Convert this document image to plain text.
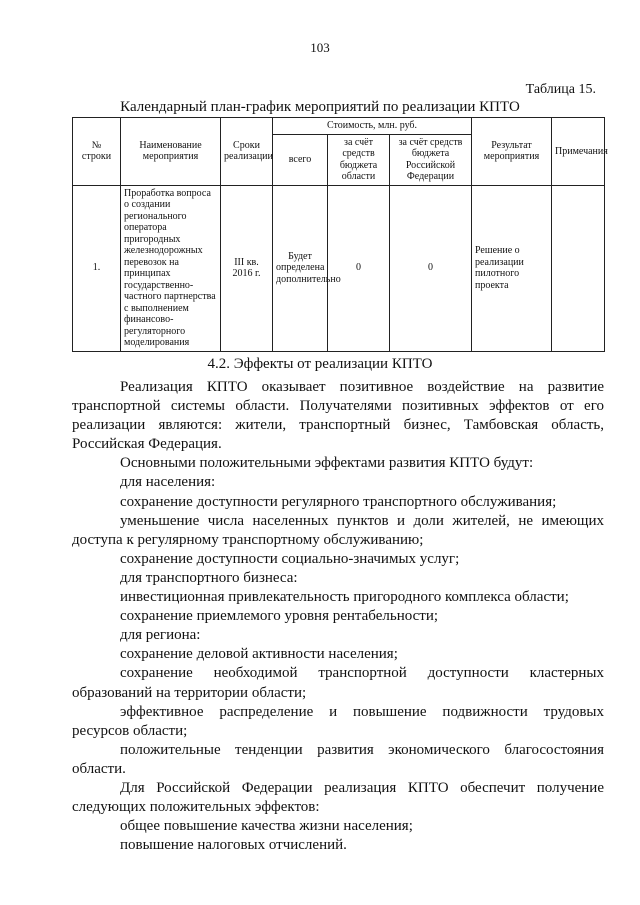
103
Таблица 15.
Календарный план-график мероприятий по реализации КПТО
№ строки	Наименование мероприятия	Сроки реализации	Стоимость, млн. руб.			Результат мероприятия	Примечания
			всего	за счёт средств бюджета области	за счёт средств бюджета Российской Федерации		
1.	Проработка вопроса о создании регионального оператора пригородных железнодорожных перевозок на принципах государственно-частного партнерства с выполнением финансово-регуляторного моделирования	III кв. 2016 г.	Будет определена дополнительно	0	0	Решение о реализации пилотного проекта	
4.2. Эффекты от реализации КПТО

Реализация КПТО оказывает позитивное воздействие на развитие транспортной системы области. Получателями позитивных эффектов от его реализации являются: жители, транспортный бизнес, Тамбовская область, Российская Федерация.

Основными положительными эффектами развития КПТО будут:

для населения:

сохранение доступности регулярного транспортного обслуживания;

уменьшение числа населенных пунктов и доли жителей, не имеющих доступа к регулярному транспортному обслуживанию;

сохранение доступности социально-значимых услуг;

для транспортного бизнеса:

инвестиционная привлекательность пригородного комплекса области;

сохранение приемлемого уровня рентабельности;

для региона:

сохранение деловой активности населения;

сохранение необходимой транспортной доступности кластерных образований на территории области;

эффективное распределение и повышение подвижности трудовых ресурсов области;

положительные тенденции развития экономического благосостояния области.

Для Российской Федерации реализация КПТО обеспечит получение следующих положительных эффектов:

общее повышение качества жизни населения;

повышение налоговых отчислений.
